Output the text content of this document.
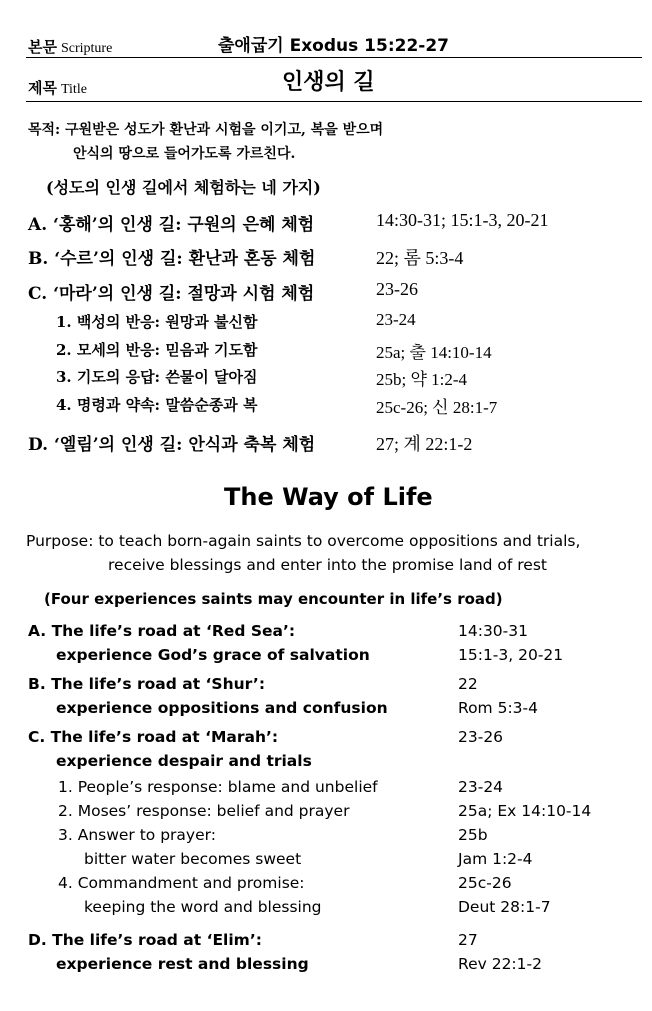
본문 Scripture	출애굽기 Exodus 15:22-27
제목 Title	인생의 길
목적: 구원받은 성도가 환난과 시험을 이기고, 복을 받으며
안식의 땅으로 들어가도록 가르친다.
(성도의 인생 길에서 체험하는 네 가지)
A. ‘홍해’의 인생 길: 구원의 은혜 체험	14:30-31; 15:1-3, 20-21
B. ‘수르’의 인생 길: 환난과 혼동 체험	22; 롬 5:3-4
C. ‘마라’의 인생 길: 절망과 시험 체험	23-26
1. 백성의 반응: 원망과 불신함	23-24
2. 모세의 반응: 믿음과 기도함	25a; 출 14:10-14
3. 기도의 응답: 쓴물이 달아짐	25b; 약 1:2-4
4. 명령과 약속: 말씀순종과 복	25c-26; 신 28:1-7
D. ‘엘림’의 인생 길: 안식과 축복 체험	27; 계 22:1-2
The Way of Life
Purpose: to teach born-again saints to overcome oppositions and trials,
receive blessings and enter into the promise land of rest
(Four experiences saints may encounter in life’s road)
A. The life’s road at ‘Red Sea’:	14:30-31
experience God’s grace of salvation	15:1-3, 20-21
B. The life’s road at ‘Shur’:	22
experience oppositions and confusion	Rom 5:3-4
C. The life’s road at ‘Marah’:	23-26
experience despair and trials
1. People’s response: blame and unbelief	23-24
2. Moses’ response: belief and prayer	25a; Ex 14:10-14
3. Answer to prayer:	25b
bitter water becomes sweet	Jam 1:2-4
4. Commandment and promise:	25c-26
keeping the word and blessing	Deut 28:1-7
D. The life’s road at ‘Elim’:	27
experience rest and blessing	Rev 22:1-2
